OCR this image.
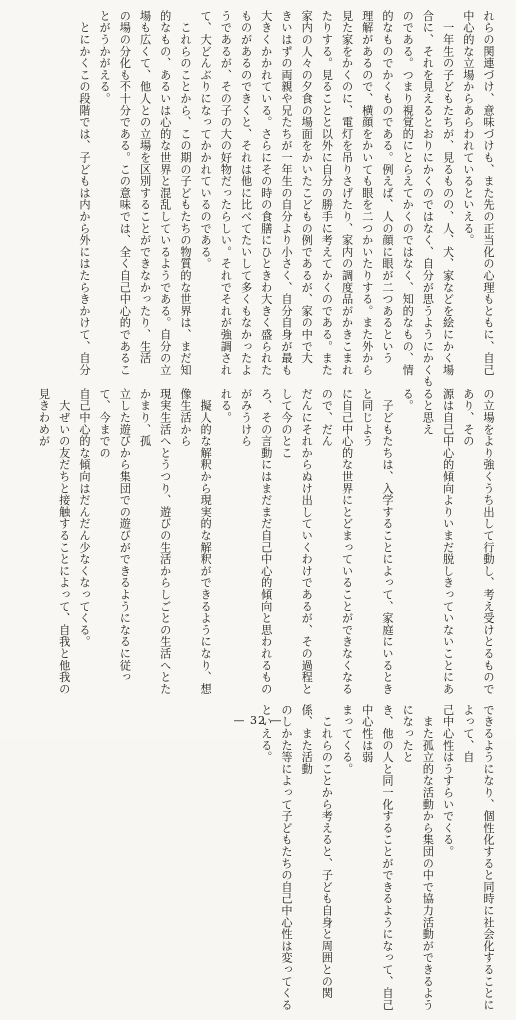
れらの関連づけ、意味づけも、また先の正当化の心理もともに、自己
中心的な立場からあらわれているといえる。
　一年生の子どもたちが、見るものの、人、犬、家などを絵にかく場
合に、それを見えるとおりにかくのではなく、自分が思うようにかくも
のである。つまり視覚的にとらえてかくのではなく、知的なもの、情
的なものでかくものである。例えば、人の顔に眼が二つあるという
理解があるので、横顔をかいても眼を二つかいたりする。また外から
見た家をかくのに、電灯を吊りさげたり、家内の調度品がかきこまれ
たりする。見ることと以外に自分の勝手に考えてかくのである。また
家内の人々の夕食の場面をかいたこどもの例であるが、家の中で大
きいはずの両親や兄たちが一年生の自分より小さく、自分自身が最も
大きくかかれている。さらにその時の食膳にひときわ大きく盛られた
ものがあるのできくと、それは他に比べてたいして多くもなかったよ
うであるが、その子の大の好物だったらしい。それでそれが強調され
て、大どんぶりになってかかれているのである。
　これらのことから、この期の子どもたちの物質的な世界は、まだ知
的なもの、あるいは心的な世界と混乱しているようである。自分の立
場も広くて、他人との立場を区別することができなかったり、生活
の場の分化も不十分である。この意味では、全く自己中心的であるこ
とがうかがえる。
　とにかくこの段階では、子どもは内から外にはたらきかけて、自分
の立場をより強くうち出して行動し、考え受けとるものであり、その
源は自己中心的傾向よりいまだ脱しきっていないことにあると思え
る。
　子どもたちは、入学することによって、家庭にいるときと同じよう
に自己中心的な世界にとどまっていることができなくなるので、だん
だんにそれからぬけ出していくわけであるが、その過程として今のとこ
ろ、その言動にはまだまだ自己中心的傾向と思われるものがみうけら
れる。
　擬人的な解釈から現実的な解釈ができるようになり、想像生活から
現実生活へとうつり、遊びの生活からしごとの生活へとたかまり、孤
立した遊びから集団での遊びができるようになるに従って、今までの
自己中心的な傾向はだんだん少なくなってくる。
　大ぜいの友だちと接触することによって、自我と他我の見きわめが
できるようになり、個性化すると同時に社会化することによって、自
己中心性はうすらいでくる。
　また孤立的な活動から集団の中で協力活動ができるようになったと
き、他の人と同一化することができるようになって、自己中心性は弱
まってくる。
　これらのことから考えると、子ども自身と周囲との関係、また活動
のしかた等によって子どもたちの自己中心性は変ってくるといえる。
— 32 —
